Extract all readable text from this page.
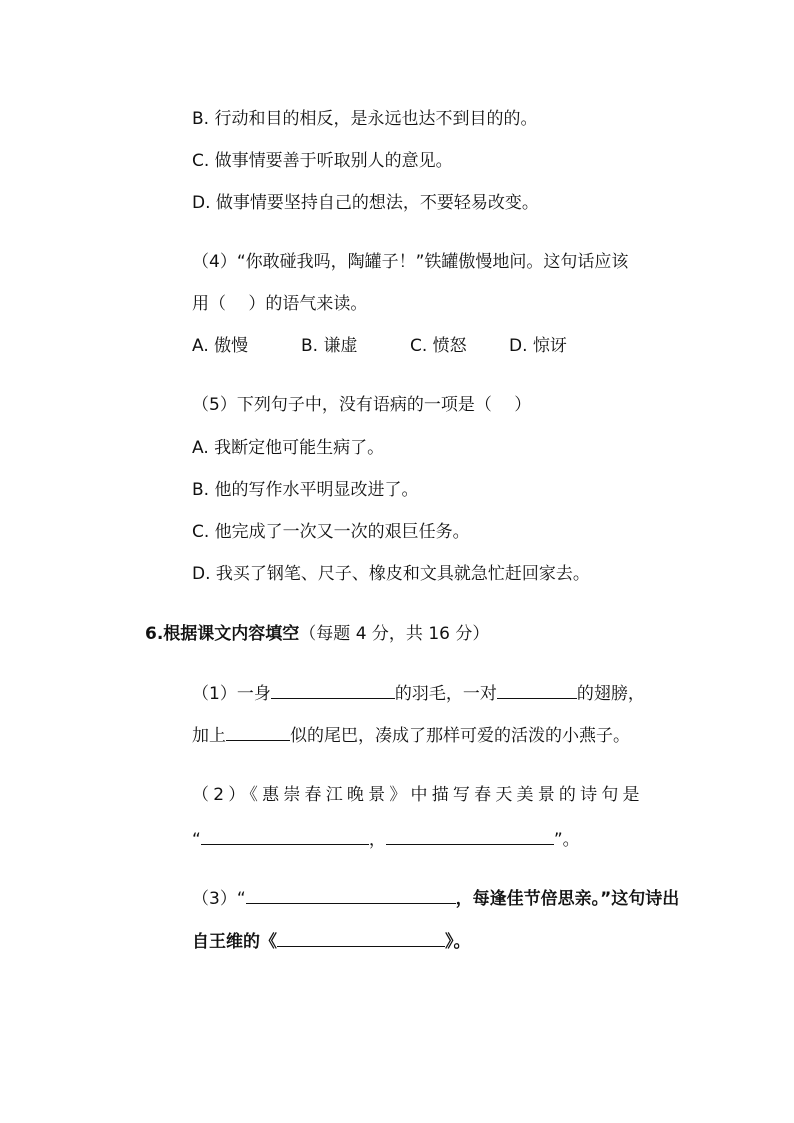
B. 行动和目的相反，是永远也达不到目的的。
C. 做事情要善于听取别人的意见。
D. 做事情要坚持自己的想法，不要轻易改变。
（4）“你敢碰我吗，陶罐子！”铁罐傲慢地问。这句话应该
用（　 ）的语气来读。
A. 傲慢	B. 谦虚	C. 愤怒 D. 惊讶
（5）下列句子中，没有语病的一项是（　 ）
A. 我断定他可能生病了。
B. 他的写作水平明显改进了。
C. 他完成了一次又一次的艰巨任务。
D. 我买了钢笔、尺子、橡皮和文具就急忙赶回家去。
6.根据课文内容填空（每题 4 分，共 16 分）
（1）一身	的羽毛，一对	的翅膀，
加上	似的尾巴，凑成了那样可爱的活泼的小燕子。
（2）《惠崇春江晚景》中描写春天美景的诗句是
“	，	”。
（3）“	，每逢佳节倍思亲。”这句诗出
自王维的《	》。
